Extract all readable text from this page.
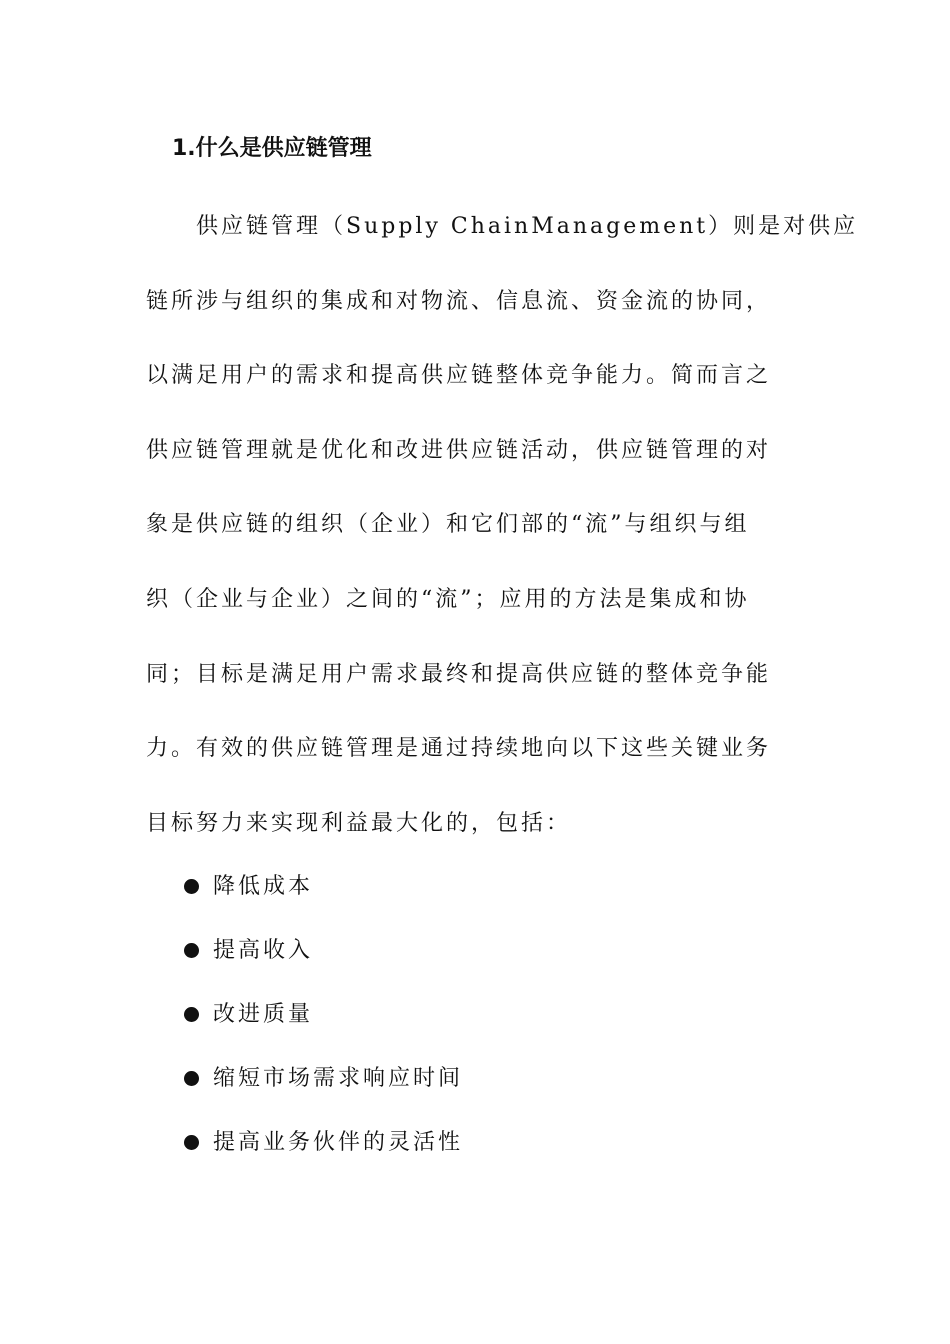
1.什么是供应链管理
供应链管理（Supply ChainManagement）则是对供应
链所涉与组织的集成和对物流、信息流、资金流的协同，
以满足用户的需求和提高供应链整体竞争能力。简而言之
供应链管理就是优化和改进供应链活动，供应链管理的对
象是供应链的组织（企业）和它们部的“流”与组织与组
织（企业与企业）之间的“流”；应用的方法是集成和协
同；目标是满足用户需求最终和提高供应链的整体竞争能
力。有效的供应链管理是通过持续地向以下这些关键业务
目标努力来实现利益最大化的，包括：
降低成本
提高收入
改进质量
缩短市场需求响应时间
提高业务伙伴的灵活性
